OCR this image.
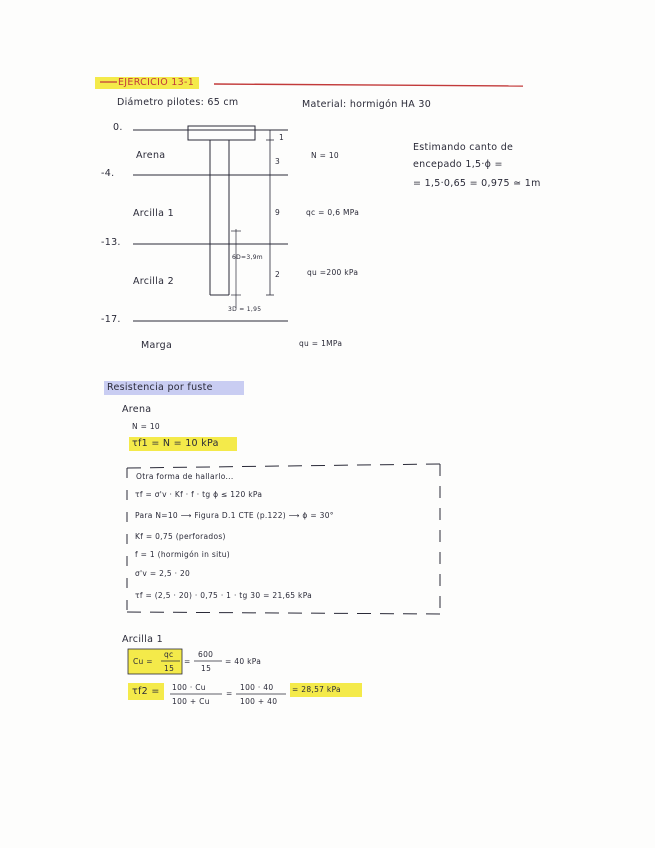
EJERCICIO 13-1
Diámetro pilotes: 65 cm	Material: hormigón HA 30
0.
-4.
-13.
-17.
Arena
Arcilla 1
Arcilla 2
Marga
1
3
9
2
6D=3,9m
3D = 1,95
N = 10
qc = 0,6 MPa
qu =200 kPa
qu = 1MPa
Estimando canto de
encepado 1,5·ϕ =
= 1,5·0,65 = 0,975 ≃ 1m
Resistencia por fuste
Arena
N = 10
τf1 = N = 10 kPa
Otra forma de hallarlo...
τf = σ'v · Kf · f · tg ϕ ≤ 120 kPa
Para N=10 ⟶ Figura D.1 CTE (p.122) ⟶ ϕ = 30°
Kf = 0,75 (perforados)
f = 1 (hormigón in situ)
σ'v = 2,5 · 20
τf = (2,5 · 20) · 0,75 · 1 · tg 30 = 21,65 kPa
Arcilla 1
Cu =
qc
15
=
600
15
= 40 kPa
τf2 = 100 · Cu
100 + Cu
=
100 · 40
100 + 40
= 28,57 kPa
